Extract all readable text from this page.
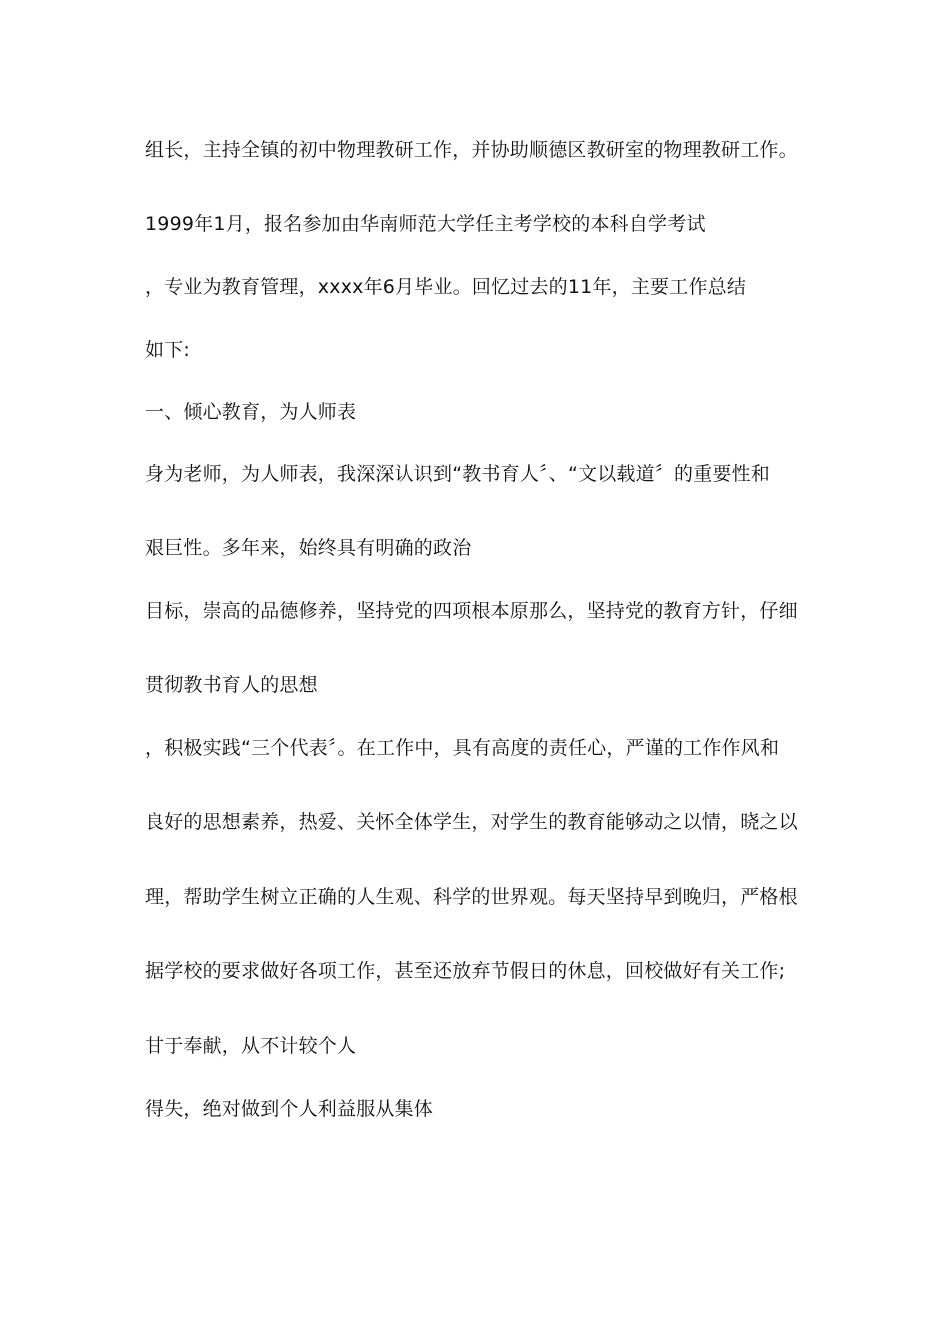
组长，主持全镇的初中物理教研工作，并协助顺德区教研室的物理教研工作。
1999年1月，报名参加由华南师范大学任主考学校的本科自学考试
，专业为教育管理，xxxx年6月毕业。回忆过去的11年，主要工作总结
如下:
一、倾心教育，为人师表
身为老师，为人师表，我深深认识到“教书育人〞、“文以载道〞的重要性和
艰巨性。多年来，始终具有明确的政治
目标，崇高的品德修养，坚持党的四项根本原那么，坚持党的教育方针，仔细
贯彻教书育人的思想
，积极实践“三个代表〞。在工作中，具有高度的责任心，严谨的工作作风和
良好的思想素养，热爱、关怀全体学生，对学生的教育能够动之以情，晓之以
理，帮助学生树立正确的人生观、科学的世界观。每天坚持早到晚归，严格根
据学校的要求做好各项工作，甚至还放弃节假日的休息，回校做好有关工作;
甘于奉献，从不计较个人
得失，绝对做到个人利益服从集体
